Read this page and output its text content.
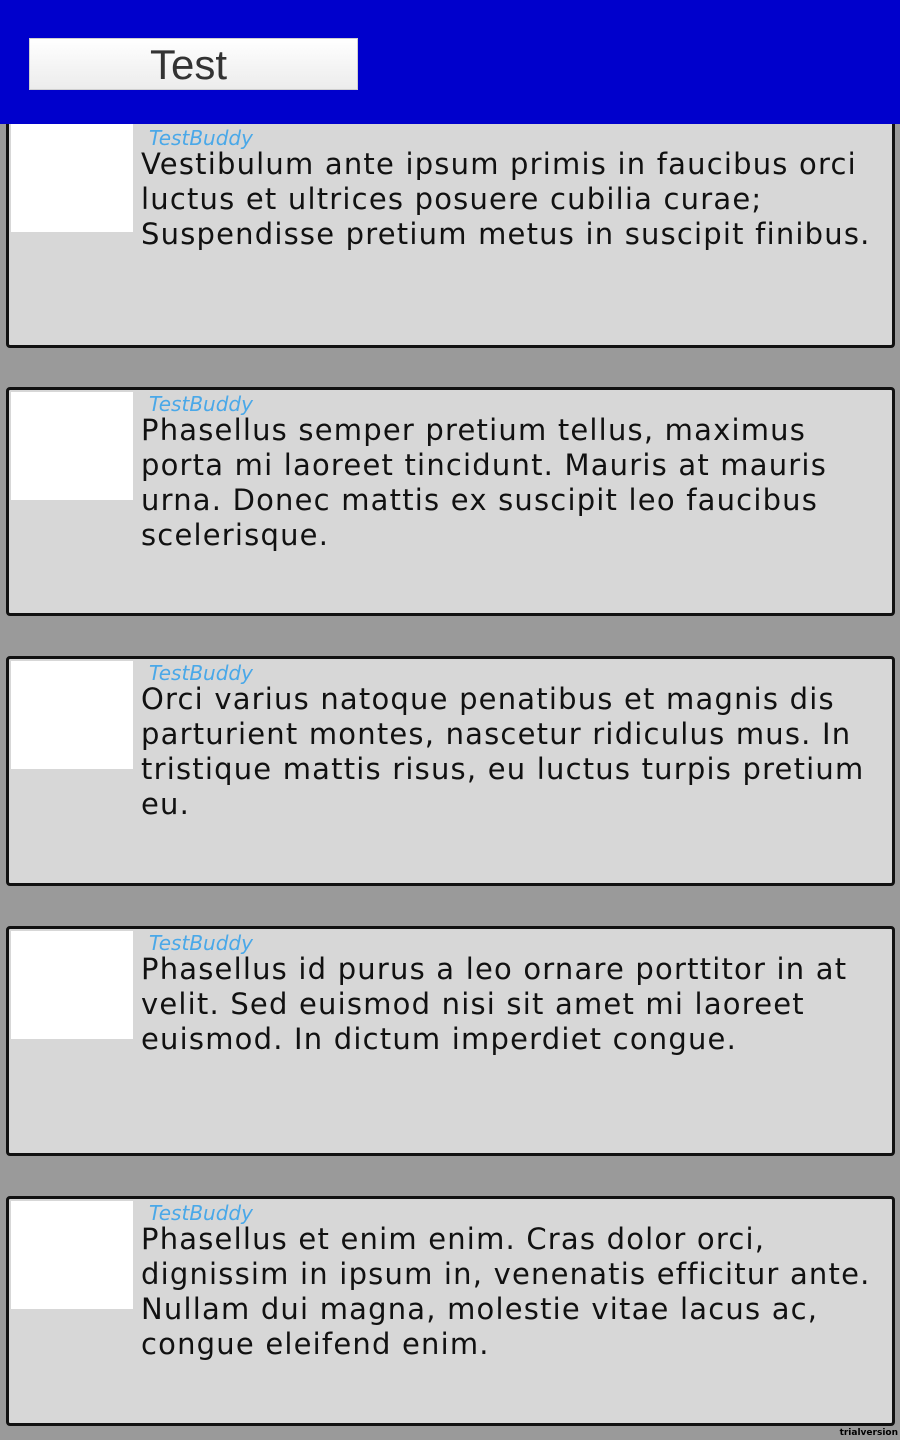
Test
TestBuddy
Vestibulum ante ipsum primis in faucibus orci luctus et ultrices posuere cubilia curae; Suspendisse pretium metus in suscipit finibus.
TestBuddy
Phasellus semper pretium tellus, maximus porta mi laoreet tincidunt. Mauris at mauris urna. Donec mattis ex suscipit leo faucibus scelerisque.
TestBuddy
Orci varius natoque penatibus et magnis dis parturient montes, nascetur ridiculus mus. In tristique mattis risus, eu luctus turpis pretium eu.
TestBuddy
Phasellus id purus a leo ornare porttitor in at velit. Sed euismod nisi sit amet mi laoreet euismod. In dictum imperdiet congue.
TestBuddy
Phasellus et enim enim. Cras dolor orci, dignissim in ipsum in, venenatis efficitur ante. Nullam dui magna, molestie vitae lacus ac, congue eleifend enim.
trialversion
